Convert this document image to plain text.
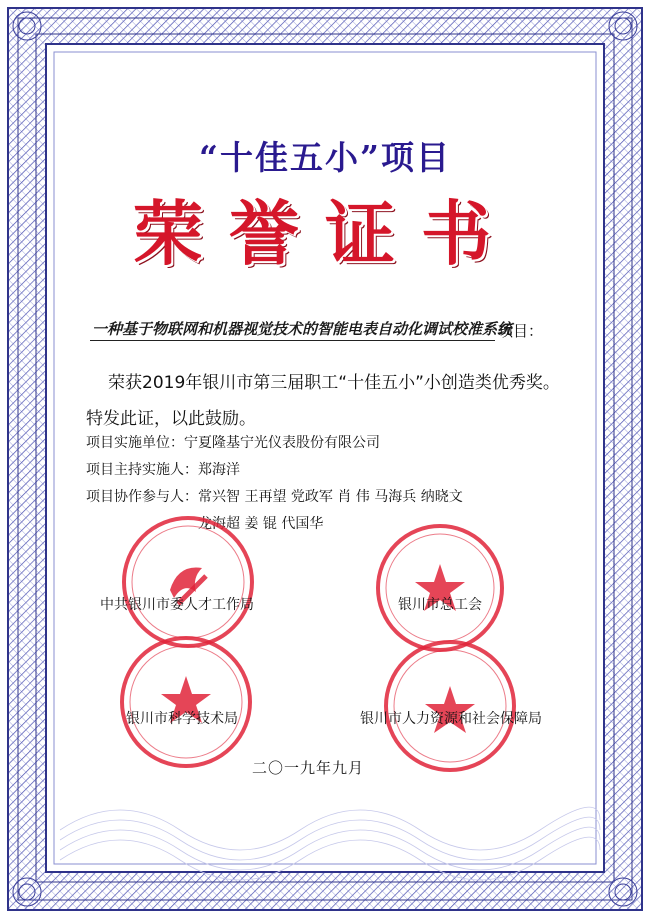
“十佳五小”项目
荣誉证书
一种基于物联网和机器视觉技术的智能电表自动化调试校准系统
项目：
荣获2019年银川市第三届职工“十佳五小”小创造类优秀奖。
特发此证，以此鼓励。
项目实施单位：宁夏隆基宁光仪表股份有限公司
项目主持实施人：郑海洋
项目协作参与人：常兴智 王再望 党政军 肖 伟 马海兵 纳晓文
龙海超 姜 锟 代国华
中共银川市委人才工作局	银川市总工会
银川市科学技术局	银川市人力资源和社会保障局
二〇一九年九月
